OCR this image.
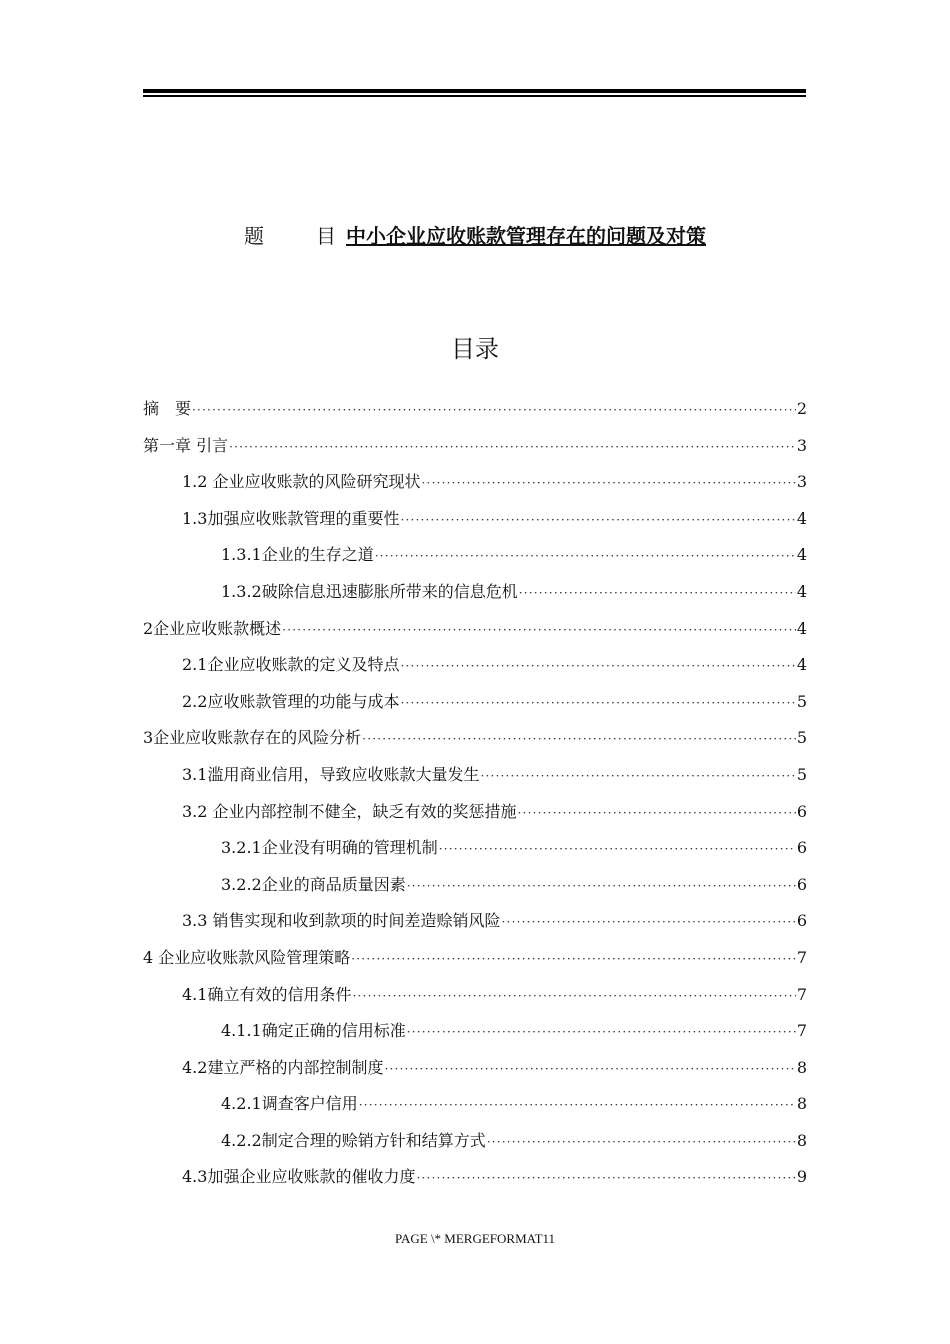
题	目 中小企业应收账款管理存在的问题及对策
目录
摘　要 ·····	2
第一章 引言 ·····	3
1.2 企业应收账款的风险研究现状 ·····	3
1.3加强应收账款管理的重要性 ·····	4
1.3.1企业的生存之道 ·····	4
1.3.2破除信息迅速膨胀所带来的信息危机 ·····	4
2企业应收账款概述 ·····	4
2.1企业应收账款的定义及特点 ·····	4
2.2应收账款管理的功能与成本 ·····	5
3企业应收账款存在的风险分析 ·····	5
3.1滥用商业信用，导致应收账款大量发生 ·····	5
3.2 企业内部控制不健全，缺乏有效的奖惩措施 ·····	6
3.2.1企业没有明确的管理机制 ·····	6
3.2.2企业的商品质量因素 ·····	6
3.3 销售实现和收到款项的时间差造赊销风险 ·····	6
4 企业应收账款风险管理策略 ·····	7
4.1确立有效的信用条件 ·····	7
4.1.1确定正确的信用标准 ·····	7
4.2建立严格的内部控制制度 ·····	8
4.2.1调查客户信用 ·····	8
4.2.2制定合理的赊销方针和结算方式 ·····	8
4.3加强企业应收账款的催收力度 ·····	9
PAGE \* MERGEFORMAT11
